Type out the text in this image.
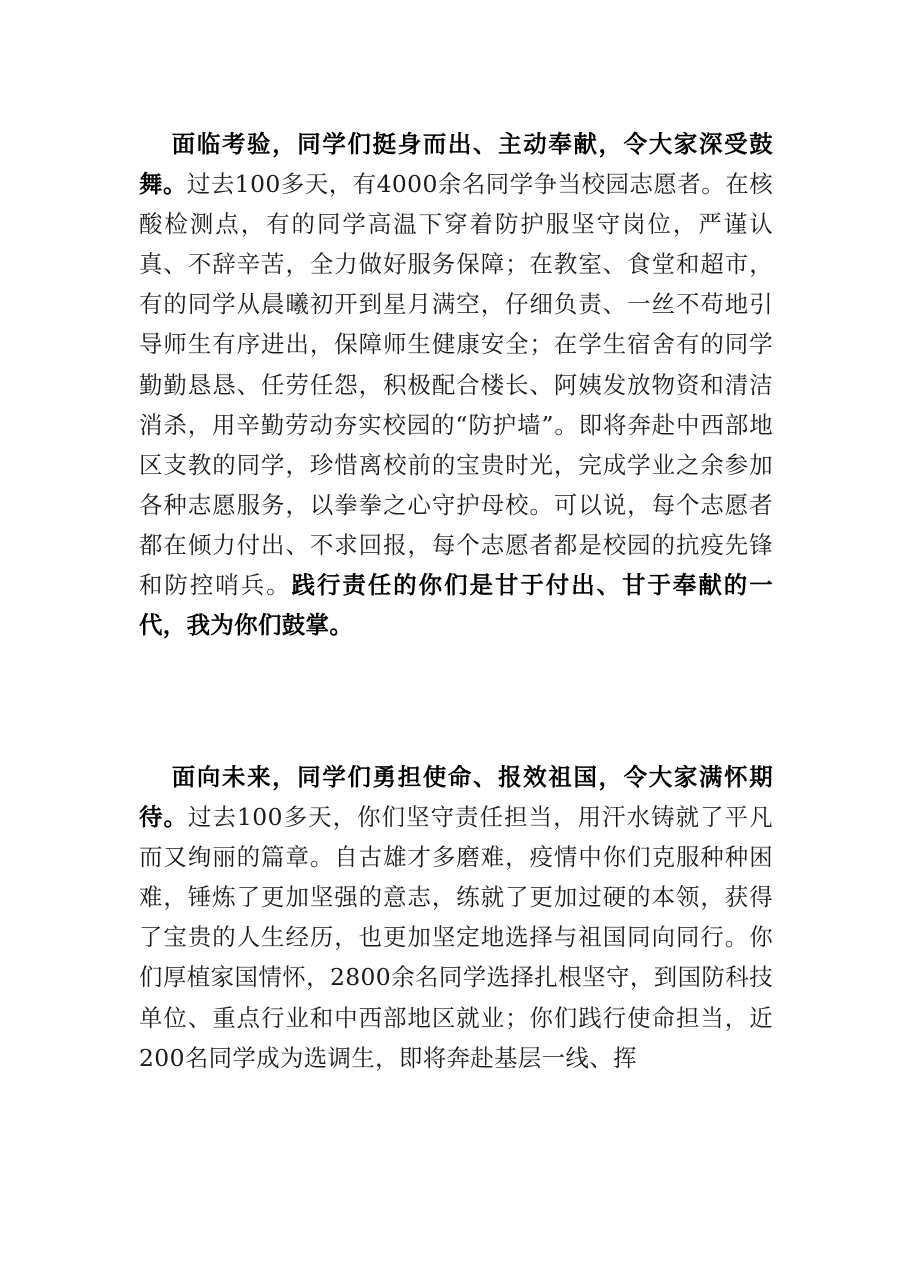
面临考验，同学们挺身而出、主动奉献，令大家深受鼓舞。过去100多天，有4000余名同学争当校园志愿者。在核酸检测点，有的同学高温下穿着防护服坚守岗位，严谨认真、不辞辛苦，全力做好服务保障；在教室、食堂和超市，有的同学从晨曦初开到星月满空，仔细负责、一丝不苟地引导师生有序进出，保障师生健康安全；在学生宿舍有的同学勤勤恳恳、任劳任怨，积极配合楼长、阿姨发放物资和清洁消杀，用辛勤劳动夯实校园的“防护墙”。即将奔赴中西部地区支教的同学，珍惜离校前的宝贵时光，完成学业之余参加各种志愿服务，以拳拳之心守护母校。可以说，每个志愿者都在倾力付出、不求回报，每个志愿者都是校园的抗疫先锋和防控哨兵。践行责任的你们是甘于付出、甘于奉献的一代，我为你们鼓掌。

面向未来，同学们勇担使命、报效祖国，令大家满怀期待。过去100多天，你们坚守责任担当，用汗水铸就了平凡而又绚丽的篇章。自古雄才多磨难，疫情中你们克服种种困难，锤炼了更加坚强的意志，练就了更加过硬的本领，获得了宝贵的人生经历，也更加坚定地选择与祖国同向同行。你们厚植家国情怀，2800余名同学选择扎根坚守，到国防科技单位、重点行业和中西部地区就业；你们践行使命担当，近200名同学成为选调生，即将奔赴基层一线、挥
